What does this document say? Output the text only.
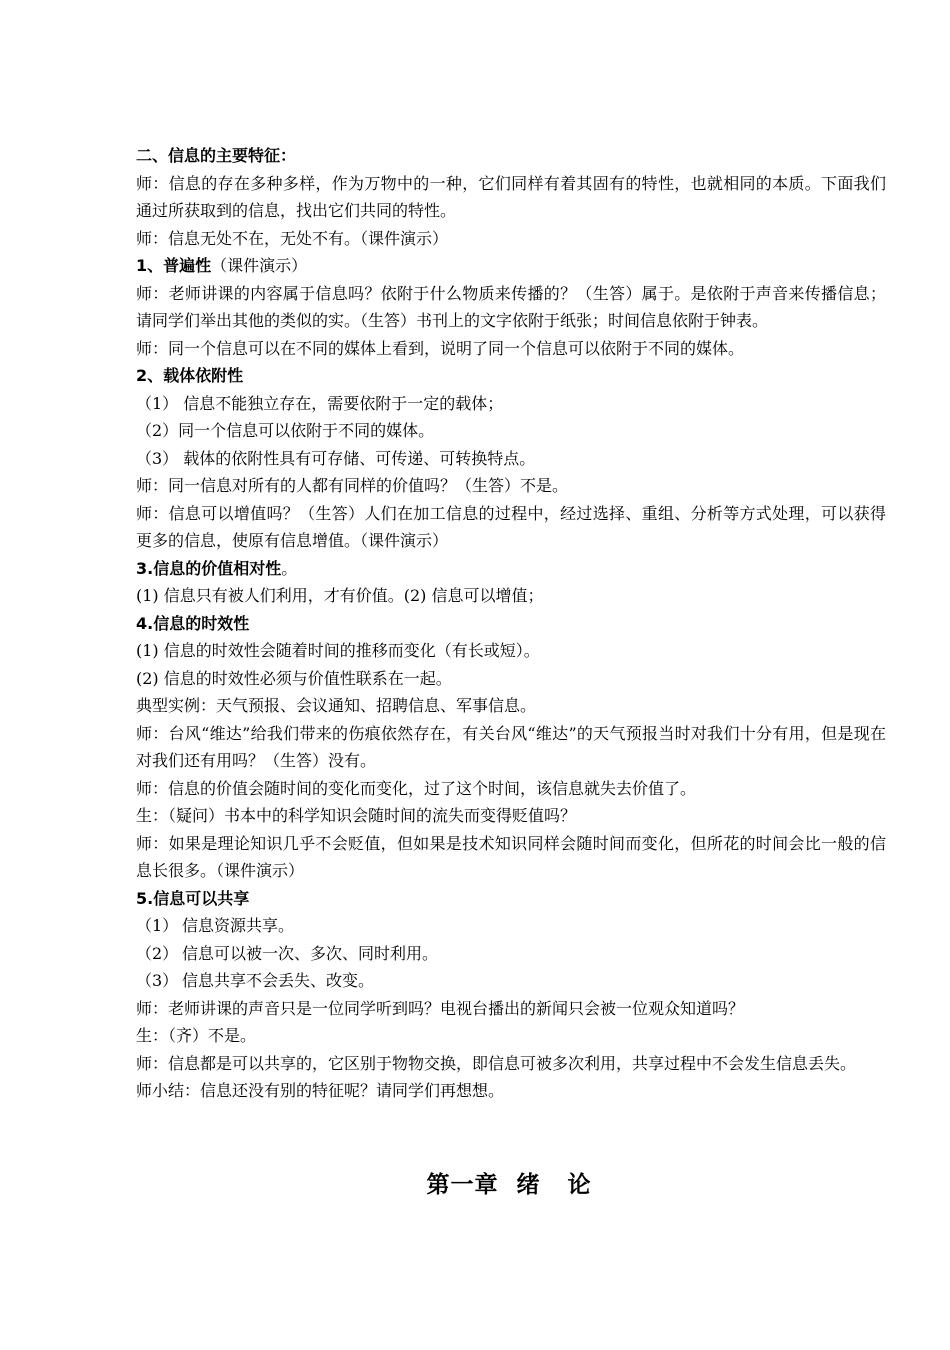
二、信息的主要特征：

师：信息的存在多种多样，作为万物中的一种，它们同样有着其固有的特性，也就相同的本质。下面我们通过所获取到的信息，找出它们共同的特性。

师：信息无处不在，无处不有。（课件演示）
1、普遍性（课件演示）

师：老师讲课的内容属于信息吗？依附于什么物质来传播的？（生答）属于。是依附于声音来传播信息；请同学们举出其他的类似的实。（生答）书刊上的文字依附于纸张；时间信息依附于钟表。

师：同一个信息可以在不同的媒体上看到，说明了同一个信息可以依附于不同的媒体。
2、载体依附性
（1） 信息不能独立存在，需要依附于一定的载体；
（2）同一个信息可以依附于不同的媒体。
（3） 载体的依附性具有可存储、可传递、可转换特点。
师：同一信息对所有的人都有同样的价值吗？（生答）不是。

师：信息可以增值吗？（生答）人们在加工信息的过程中，经过选择、重组、分析等方式处理，可以获得更多的信息，使原有信息增值。（课件演示）

3.信息的价值相对性。
(1) 信息只有被人们利用，才有价值。(2) 信息可以增值；
4.信息的时效性
(1) 信息的时效性会随着时间的推移而变化（有长或短）。
(2) 信息的时效性必须与价值性联系在一起。
典型实例：天气预报、会议通知、招聘信息、军事信息。

师：台风“维达”给我们带来的伤痕依然存在，有关台风“维达”的天气预报当时对我们十分有用，但是现在对我们还有用吗？（生答）没有。

师：信息的价值会随时间的变化而变化，过了这个时间，该信息就失去价值了。
生：（疑问）书本中的科学知识会随时间的流失而变得贬值吗？

师：如果是理论知识几乎不会贬值，但如果是技术知识同样会随时间而变化，但所花的时间会比一般的信息长很多。（课件演示）

5.信息可以共享
（1） 信息资源共享。
（2） 信息可以被一次、多次、同时利用。
（3） 信息共享不会丢失、改变。
师：老师讲课的声音只是一位同学听到吗？电视台播出的新闻只会被一位观众知道吗？
生：（齐）不是。

师：信息都是可以共享的，它区别于物物交换，即信息可被多次利用，共享过程中不会发生信息丢失。

师小结：信息还没有别的特征呢？请同学们再想想。
第一章  绪   论
